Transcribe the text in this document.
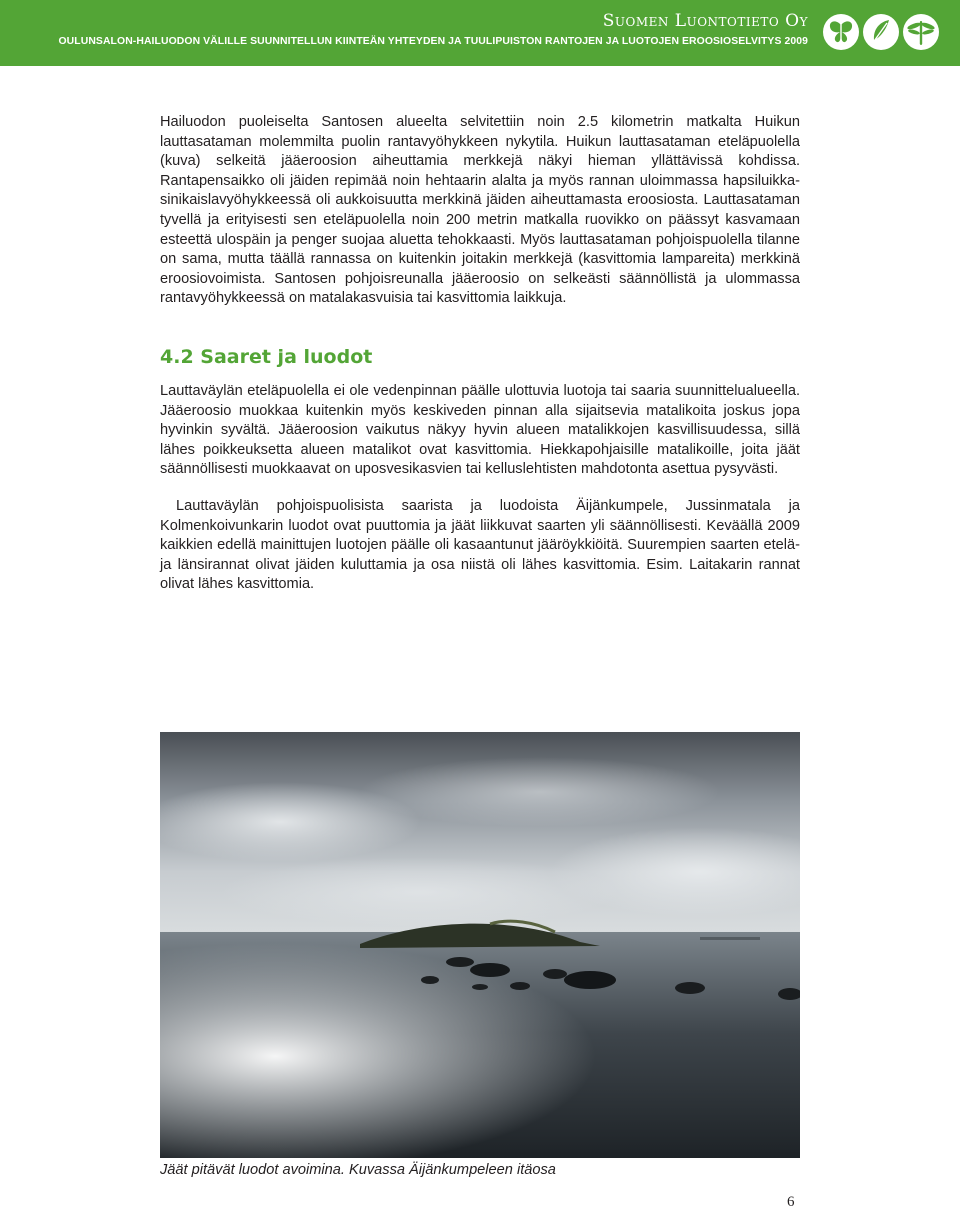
Suomen Luontotieto Oy
OULUNSALON-HAILUODON VÄLILLE SUUNNITELLUN KIINTEÄN YHTEYDEN JA TUULIPUISTON RANTOJEN JA LUOTOJEN EROOSIOSELVITYS 2009

Hailuodon puoleiselta Santosen alueelta selvitettiin noin 2.5 kilometrin matkalta Huikun lauttasataman molemmilta puolin rantavyöhykkeen nykytila. Huikun lauttasataman eteläpuolella (kuva) selkeitä jääeroosion aiheuttamia merkkejä näkyi hieman yllättävissä kohdissa. Rantapensaikko oli jäiden repimää noin hehtaarin alalta ja myös rannan uloimmassa hapsiluikka-sinikaislavyöhykkeessä oli aukkoisuutta merkkinä jäiden aiheuttamasta eroosiosta. Lauttasataman tyvellä ja erityisesti sen eteläpuolella noin 200 metrin matkalla ruovikko on päässyt kasvamaan esteettä ulospäin ja penger suojaa aluetta tehokkaasti. Myös lauttasataman pohjoispuolella tilanne on sama, mutta täällä rannassa on kuitenkin joitakin merkkejä (kasvittomia lampareita) merkkinä eroosiovoimista. Santosen pohjoisreunalla jääeroosio on selkeästi säännöllistä ja ulommassa rantavyöhykkeessä on matalakasvuisia tai kasvittomia laikkuja.

4.2 Saaret ja luodot

Lauttaväylän eteläpuolella ei ole vedenpinnan päälle ulottuvia luotoja tai saaria suunnittelualueella. Jääeroosio muokkaa kuitenkin myös keskiveden pinnan alla sijaitsevia matalikoita joskus jopa hyvinkin syvältä. Jääeroosion vaikutus näkyy hyvin alueen matalikkojen kasvillisuudessa, sillä lähes poikkeuksetta alueen matalikot ovat kasvittomia. Hiekkapohjaisille matalikoille, joita jäät säännöllisesti muokkaavat on uposvesikasvien tai kelluslehtisten mahdotonta asettua pysyvästi.

Lauttaväylän pohjoispuolisista saarista ja luodoista Äijänkumpele, Jussinmatala ja Kolmenkoivunkarin luodot ovat puuttomia ja jäät liikkuvat saarten yli säännöllisesti. Keväällä 2009 kaikkien edellä mainittujen luotojen päälle oli kasaantunut jääröykkiöitä. Suurempien saarten etelä- ja länsirannat olivat jäiden kuluttamia ja osa niistä oli lähes kasvittomia. Esim. Laitakarin rannat olivat lähes kasvittomia.

Jäät pitävät luodot avoimina. Kuvassa Äijänkumpeleen itäosa
6
